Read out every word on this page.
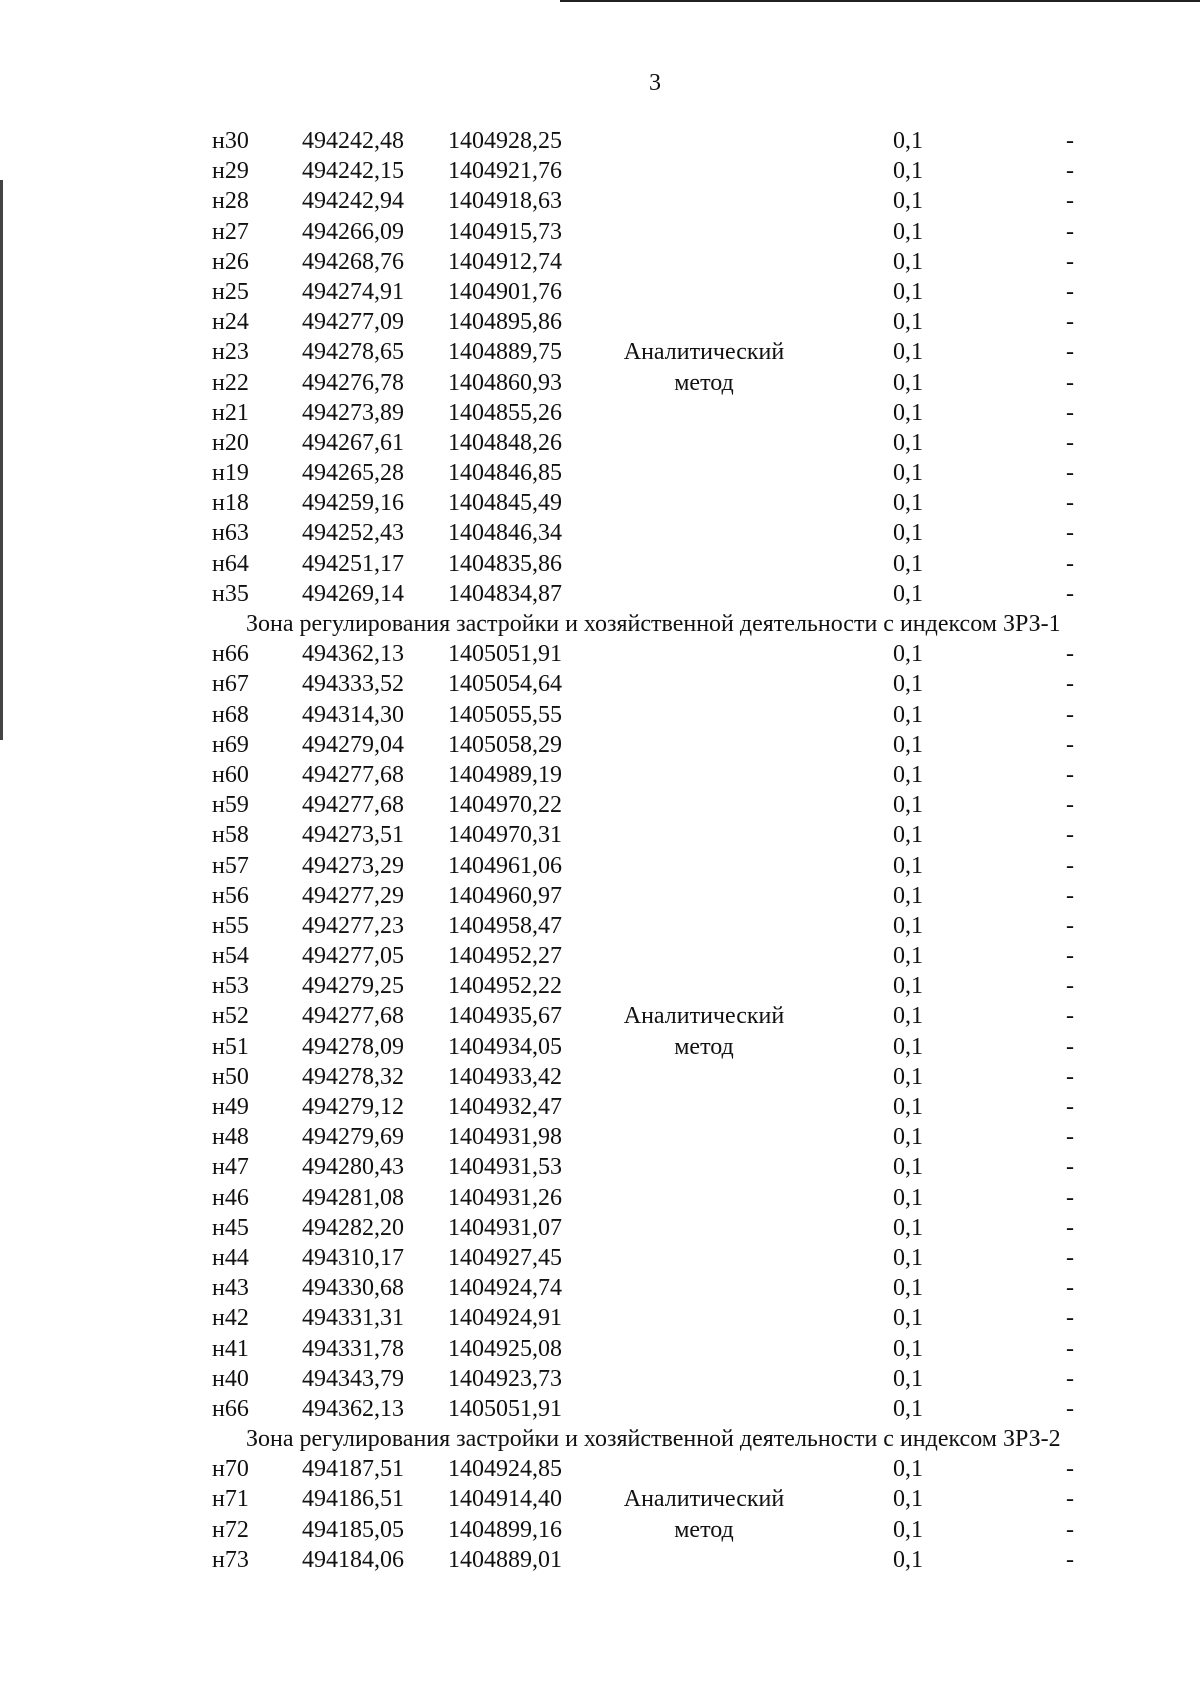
3
н30 494242,48 1404928,25	0,1	-
н29 494242,15 1404921,76	0,1	-
н28 494242,94 1404918,63	0,1	-
н27 494266,09 1404915,73	0,1	-
н26 494268,76 1404912,74	0,1	-
н25 494274,91 1404901,76	0,1	-
н24 494277,09 1404895,86	0,1	-
н23 494278,65 1404889,75	Аналитический	0,1	-
н22 494276,78 1404860,93	метод	0,1	-
н21 494273,89 1404855,26	0,1	-
н20 494267,61 1404848,26	0,1	-
н19 494265,28 1404846,85	0,1	-
н18 494259,16 1404845,49	0,1	-
н63 494252,43 1404846,34	0,1	-
н64 494251,17 1404835,86	0,1	-
н35 494269,14 1404834,87	0,1	-
Зона регулирования застройки и хозяйственной деятельности с индексом ЗРЗ-1
н66 494362,13 1405051,91	0,1	-
н67 494333,52 1405054,64	0,1	-
н68 494314,30 1405055,55	0,1	-
н69 494279,04 1405058,29	0,1	-
н60 494277,68 1404989,19	0,1	-
н59 494277,68 1404970,22	0,1	-
н58 494273,51 1404970,31	0,1	-
н57 494273,29 1404961,06	0,1	-
н56 494277,29 1404960,97	0,1	-
н55 494277,23 1404958,47	0,1	-
н54 494277,05 1404952,27	0,1	-
н53 494279,25 1404952,22	0,1	-
н52 494277,68 1404935,67	Аналитический	0,1	-
н51 494278,09 1404934,05	метод	0,1	-
н50 494278,32 1404933,42	0,1	-
н49 494279,12 1404932,47	0,1	-
н48 494279,69 1404931,98	0,1	-
н47 494280,43 1404931,53	0,1	-
н46 494281,08 1404931,26	0,1	-
н45 494282,20 1404931,07	0,1	-
н44 494310,17 1404927,45	0,1	-
н43 494330,68 1404924,74	0,1	-
н42 494331,31 1404924,91	0,1	-
н41 494331,78 1404925,08	0,1	-
н40 494343,79 1404923,73	0,1	-
н66 494362,13 1405051,91	0,1	-
Зона регулирования застройки и хозяйственной деятельности с индексом ЗРЗ-2
н70 494187,51 1404924,85	0,1	-
н71 494186,51 1404914,40	Аналитический	0,1	-
н72 494185,05 1404899,16	метод	0,1	-
н73 494184,06 1404889,01	0,1	-
